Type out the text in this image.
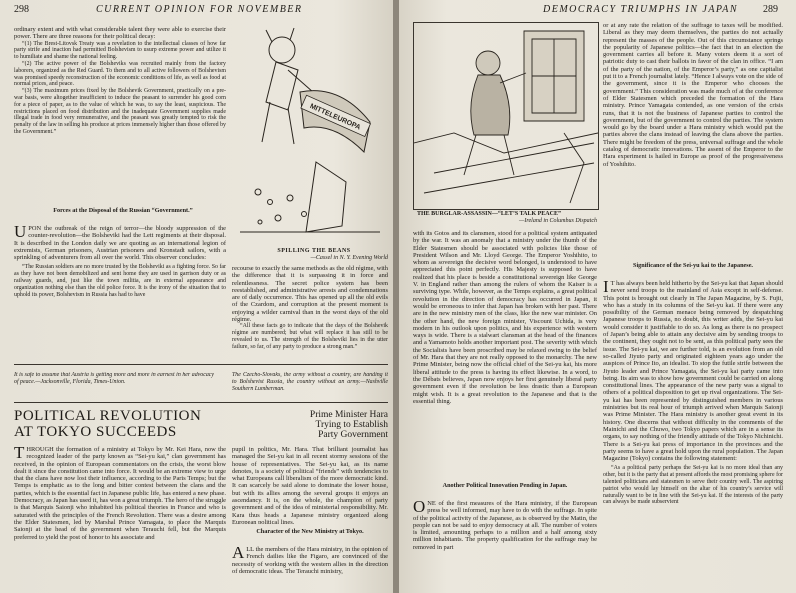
298	CURRENT OPINION FOR NOVEMBER

ordinary extent and with what considerable talent they were able to exercise their power. There are three reasons for their political decay:

“(1) The Brest-Litovsk Treaty was a revelation to the intellectual classes of how far party strife and inaction had permitted Bolshevism to usurp extreme power and utilize it to humiliate and shame the national feeling.

“(2) The active power of the Bolsheviks was recruited mainly from the factory laborers, organized as the Red Guard. To them and to all active followers of Bolshevism was promised speedy reconstruction of the economic conditions of life, as well as food at normal prices, and peace.

“(3) The maximum prices fixed by the Bolshevik Government, practically on a pre-war basis, were altogether insufficient to induce the peasant to surrender his good corn for a piece of paper, as to the value of which he was, to say the least, suspicious. The restrictions placed on food distribution and the inadequate Government supplies made illegal trade in food very remunerative, and the peasant was greatly tempted to risk the penalty of the law in selling his produce at prices immensely higher than those offered by the Government.”

MITTELEUROPA
SPILLING THE BEANS
—Cassel in N. Y. Evening World
Forces at the Disposal of the Russian “Government.”

UPON the outbreak of the reign of terror—the bloody suppression of the counter-revolution—the Bolsheviki had the Lett regiments at their disposal. It is described in the London daily we are quoting as an international legion of extremists, German prisoners, Austrian prisoners and Kronstadt sailors, with a sprinkling of adventurers from all over the world. This observer concludes:

“The Russian soldiers are no more trusted by the Bolsheviki as a fighting force. So far as they have not been demobilized and sent home they are used in garrison duty or as railway guards, and, just like the town militia, are in external appearance and organization nothing else than the old police force. It is the irony of the situation that to uphold its power, Bolshevism in Russia has had to have

recourse to exactly the same methods as the old régime, with the difference that it is surpassing it in force and relentlessness. The secret police system has been reestablished, and administrative arrests and condemnations are of daily occurrence. This has opened up all the old evils of the Czardom, and corruption at the present moment is enjoying a wilder carnival than in the worst days of the old régime.

“All these facts go to indicate that the days of the Bolshevik régime are numbered; but what will replace it has still to be revealed to us. The strength of the Bolsheviki lies in the utter failure, so far, of any party to produce a strong man.”

It is safe to assume that Austria is getting more and more in earnest in her advocacy of peace.—Jacksonville, Florida, Times-Union.
The Czecho-Slovaks, the army without a country, are handing it to Bolshevist Russia, the country without an army.—Nashville Southern Lumberman.
POLITICAL REVOLUTION
AT TOKYO SUCCEEDS
Prime Minister Hara
Trying to Establish
Party Government

THROUGH the formation of a ministry at Tokyo by Mr. Kei Hara, now the recognized leader of the party known as “Sei-yu kai,” clan government has received, in the opinion of European commentators on the crisis, the worst blow dealt it since the constitution came into force. It would be an extreme view to urge that the clans have now lost their influence, according to the Paris Temps; but the Temps is emphatic as to the long and bitter contest between the clans and the parties, which is the essential fact in Japanese public life, has entered a new phase. Democracy, as Japan has used it, has won a great triumph. The hero of the struggle is that Marquis Saionji who inhabited his political theories in France and who is saturated with the principles of the French Revolution. There was a desire among the Elder Statesmen, led by Marshal Prince Yamagata, to place the Marquis Saionji at the head of the government when Terauchi fell, but the Marquis preferred to yield the post of honor to his associate and

pupil in politics, Mr. Hara. That brilliant journalist has managed the Sei-yu kai in all recent stormy sessions of the house of representatives. The Sei-yu kai, as its name denotes, is a society of political “friends” with tendencies to what Europeans call liberalism of the more democratic kind. It can scarcely be said alone to dominate the lower house, but with its allies among the several groups it enjoys an ascendancy. It is, on the whole, the champion of party government and of the idea of ministerial responsibility. Mr. Kara thus heads a Japanese ministry organized along European political lines.
Character of the New Ministry at Tokyo.

ALL the members of the Hara ministry, in the opinion of French dailies like the Figaro, are convinced of the necessity of working with the western allies in the direction of democratic ideas. The Terauchi ministry,

DEMOCRACY TRIUMPHS IN JAPAN 289
THE BURGLAR-ASSASSIN—“LET’S TALK PEACE”
—Ireland in Columbus Dispatch
with its Gotos and its clansmen, stood for a political system antiquated by the war. It was an anomaly that a ministry under the thumb of the Elder Statesmen should be associated with policies like those of President Wilson and Mr. Lloyd George. The Emperor Yoshihito, to whom as sovereign the decisive word belonged, is understood to have appreciated this point perfectly. His Majesty is supposed to have realized that his place is beside a constitutional sovereign like George V. in England rather than among the rulers of whom the Kaiser is a surviving type. While, however, as the Temps explains, a great political revolution in the direction of democracy has occurred in Japan, it would be erroneous to infer that Japan has broken with her past. There are in the new ministry men of the class, like the new war minister. On the other hand, the new foreign minister, Viscount Uchida, is very modern in his outlook upon politics, and his experience with western ways is wide. There is a stalwart clansman at the head of the finances and a Yamamoto holds another important post. The severity with which the Socialists have been proscribed may be relaxed owing to the belief of Mr. Hara that they are not really opposed to the monarchy. The new Prime Minister, being now the official chief of the Sei-yu kai, his more liberal attitude to the press is having its effect likewise. In a word, to the Débats believes, Japan now enjoys her first genuinely liberal party government even if the revolution be less drastic than a European might wish. It is a great revolution to the Japanese and that is the essential thing.
Another Political Innovation Pending in Japan.

ONE of the first measures of the Hara ministry, if the European press be well informed, may have to do with the suffrage. In spite of the political activity of the Japanese, as is observed by the Matin, the people can not be said to enjoy democracy at all. The number of voters is limited, amounting perhaps to a million and a half among sixty million inhabitants. The property qualification for the suffrage may be removed in part

or at any rate the relation of the suffrage to taxes will be modified. Liberal as they may deem themselves, the parties do not actually represent the masses of the people. Out of this circumstance springs the popularity of Japanese politics—the fact that in an election the government carries all before it. Many voters deem it a sort of patriotic duty to cast their ballots in favor of the clan in office. “I am of the party of the nation, of the Emperor’s party,” as one capitalist put it to a French journalist lately. “Hence I always vote on the side of the government, since it is the Emperor who chooses the government.” This consideration was made much of at the conference of Elder Statesmen which preceded the formation of the Hara ministry. Prince Yamagata contended, as one version of the crisis runs, that it is not the business of Japanese parties to control the government, but of the government to control the parties. The system would go by the board under a Hara ministry which would put the parties above the clans instead of leaving the clans above the parties. There might be freedom of the press, universal suffrage and the whole catalog of democratic innovations. The assent of the Emperor to the Hara experiment is hailed in Europe as proof of the progressiveness of Yoshihito.
Significance of the Sei-yu kai to the Japanese.

I T has always been held hitherto by the Sei-yu kai that Japan should never send troops to the mainland of Asia except in self-defense. This point is brought out clearly in The Japan Magazine, by S. Fujii, who has a study in its columns of the Sei-yu kai. If there were any possibility of the German menace being removed by despatching Japanese troops to Russia, no doubt, this writer adds, the Sei-yu kai would consider it justifiable to do so. As long as there is no prospect of Japan’s being able to attain any decisive aim by sending troops to the continent, they ought not to be sent, as this political party sees the issue. The Sei-yu kai, we are further told, is an evolution from an old so-called Jiyuto party and originated eighteen years ago under the auspices of Prince Ito, an idealist. To stop the futile strife between the Jiyuto leader and Prince Yamagata, the Sei-yu kai party came into being. Its aim was to show how government could be carried on along constitutional lines. The appearance of the new party was a signal to others of a political disposition to get up rival organizations. The Sei-yu kai has been represented by distinguished members in various ministries but its real hour of triumph arrived when Marquis Saionji was Prime Minister. The Hara ministry is another great event in its history. One discerns that without difficulty in the comments of the Mainichi and the Chuwo, two Tokyo papers which are in a sense its organs, to say nothing of the friendly attitude of the Tokyo Nichinichi. There is a Sei-yu kai press of importance in the provinces and the party seems to have a great hold upon the rural population. The Japan Magazine (Tokyo) contains the following statement:

“As a political party perhaps the Sei-yu kai is no more ideal than any other, but it is the party that at present affords the most promising sphere for talented politicians and statesmen to serve their country well. The aspiring patriot who would lay himself on the altar of his country’s service will naturally want to be in line with the Sei-yu kai. If the interests of the party can always be made subservient
